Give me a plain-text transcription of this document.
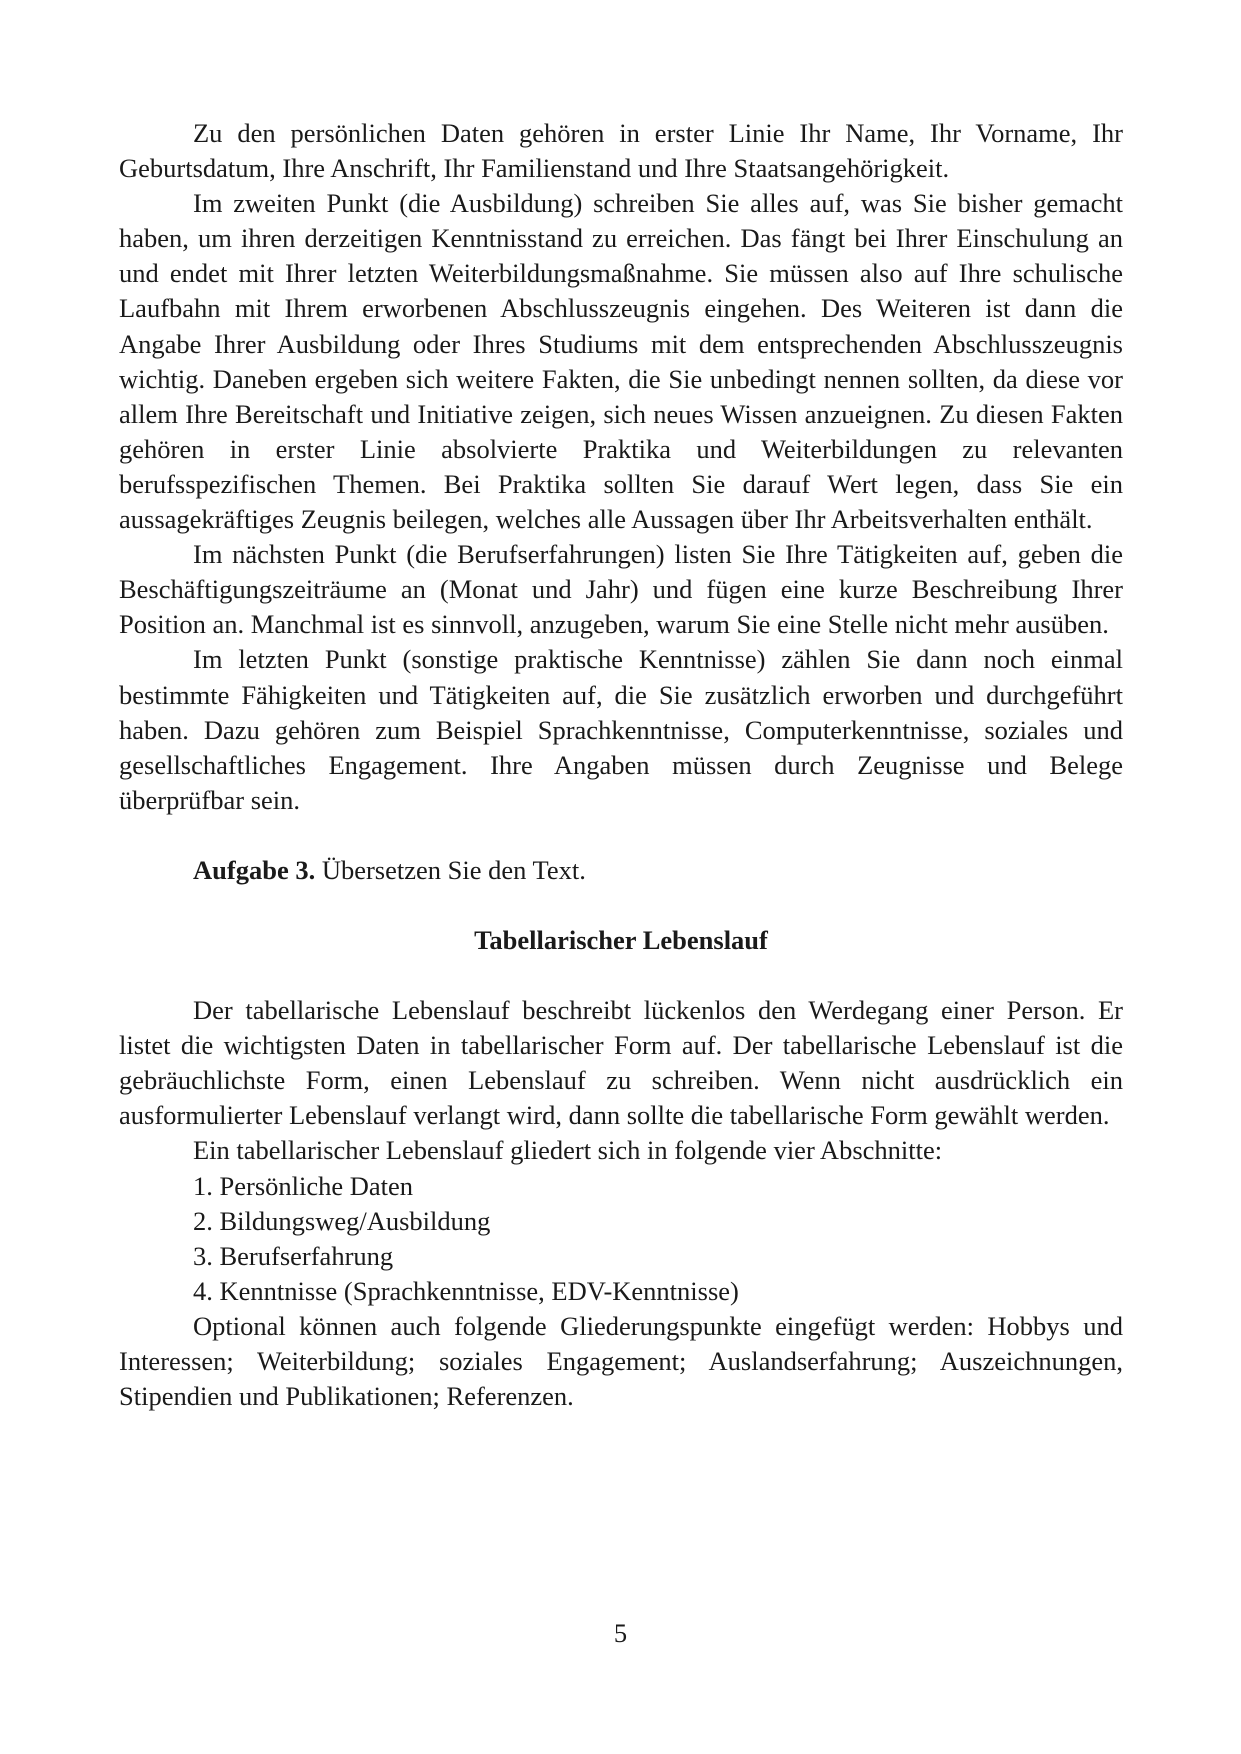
Zu den persönlichen Daten gehören in erster Linie Ihr Name, Ihr Vorname, Ihr Geburtsdatum, Ihre Anschrift, Ihr Familienstand und Ihre Staatsangehörigkeit.

Im zweiten Punkt (die Ausbildung) schreiben Sie alles auf, was Sie bisher gemacht haben, um ihren derzeitigen Kenntnisstand zu erreichen. Das fängt bei Ihrer Einschulung an und endet mit Ihrer letzten Weiterbildungsmaßnahme. Sie müssen also auf Ihre schulische Laufbahn mit Ihrem erworbenen Abschlusszeugnis eingehen. Des Weiteren ist dann die Angabe Ihrer Ausbildung oder Ihres Studiums mit dem entsprechenden Abschlusszeugnis wichtig. Daneben ergeben sich weitere Fakten, die Sie unbedingt nennen sollten, da diese vor allem Ihre Bereitschaft und Initiative zeigen, sich neues Wissen anzueignen. Zu diesen Fakten gehören in erster Linie absolvierte Praktika und Weiterbildungen zu relevanten berufsspezifischen Themen. Bei Praktika sollten Sie darauf Wert legen, dass Sie ein aussagekräftiges Zeugnis beilegen, welches alle Aussagen über Ihr Arbeitsverhalten enthält.

Im nächsten Punkt (die Berufserfahrungen) listen Sie Ihre Tätigkeiten auf, geben die Beschäftigungszeiträume an (Monat und Jahr) und fügen eine kurze Beschreibung Ihrer Position an. Manchmal ist es sinnvoll, anzugeben, warum Sie eine Stelle nicht mehr ausüben.

Im letzten Punkt (sonstige praktische Kenntnisse) zählen Sie dann noch einmal bestimmte Fähigkeiten und Tätigkeiten auf, die Sie zusätzlich erworben und durchgeführt haben. Dazu gehören zum Beispiel Sprachkenntnisse, Computerkenntnisse, soziales und gesellschaftliches Engagement. Ihre Angaben müssen durch Zeugnisse und Belege überprüfbar sein.

Aufgabe 3. Übersetzen Sie den Text.

Tabellarischer Lebenslauf

Der tabellarische Lebenslauf beschreibt lückenlos den Werdegang einer Person. Er listet die wichtigsten Daten in tabellarischer Form auf. Der tabellarische Lebenslauf ist die gebräuchlichste Form, einen Lebenslauf zu schreiben. Wenn nicht ausdrücklich ein ausformulierter Lebenslauf verlangt wird, dann sollte die tabellarische Form gewählt werden.

Ein tabellarischer Lebenslauf gliedert sich in folgende vier Abschnitte:

1. Persönliche Daten
2. Bildungsweg/Ausbildung
3. Berufserfahrung
4. Kenntnisse (Sprachkenntnisse, EDV-Kenntnisse)

Optional können auch folgende Gliederungspunkte eingefügt werden: Hobbys und Interessen; Weiterbildung; soziales Engagement; Auslandserfahrung; Auszeichnungen, Stipendien und Publikationen; Referenzen.

5
